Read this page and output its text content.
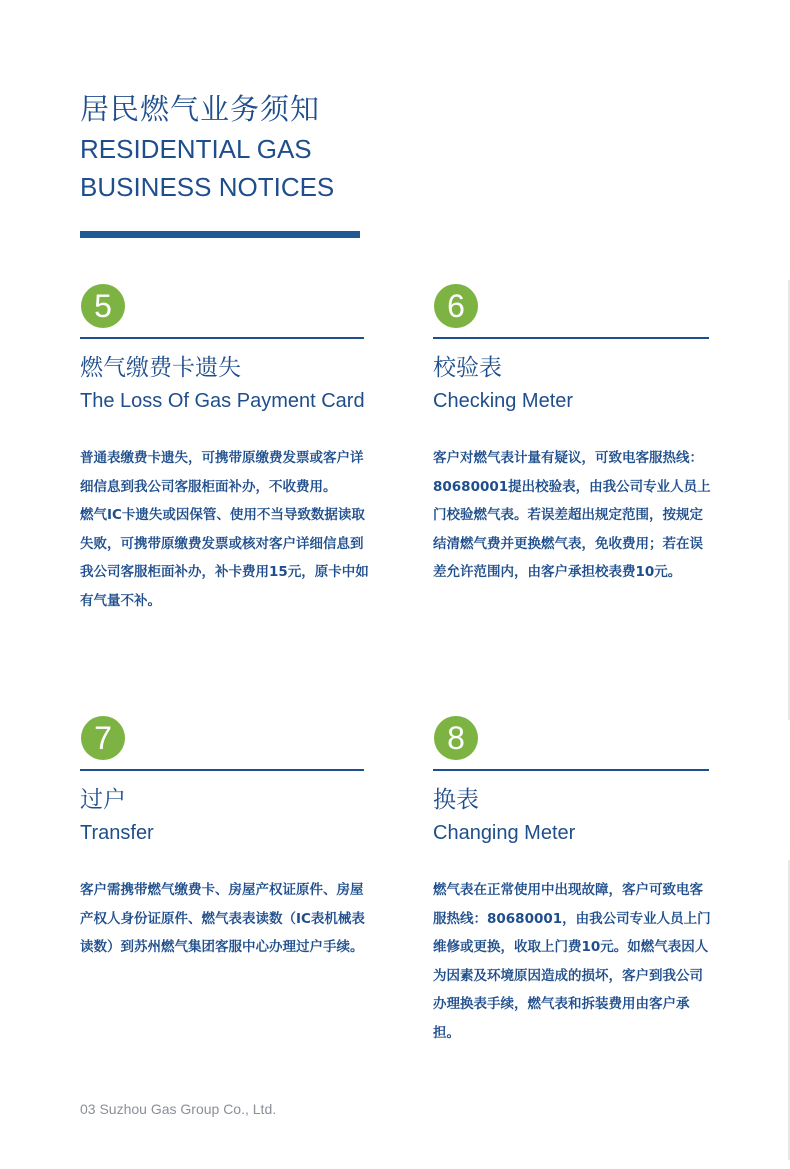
居民燃气业务须知
RESIDENTIAL GAS
BUSINESS NOTICES
5
燃气缴费卡遗失
The Loss Of Gas Payment Card

普通表缴费卡遗失，可携带原缴费发票或客户详细信息到我公司客服柜面补办，不收费用。

燃气IC卡遗失或因保管、使用不当导致数据读取失败，可携带原缴费发票或核对客户详细信息到我公司客服柜面补办，补卡费用15元，原卡中如有气量不补。

6
校验表
Checking Meter

客户对燃气表计量有疑议，可致电客服热线：80680001提出校验表，由我公司专业人员上门校验燃气表。若误差超出规定范围，按规定结清燃气费并更换燃气表，免收费用；若在误差允许范围内，由客户承担校表费10元。

7
过户
Transfer

客户需携带燃气缴费卡、房屋产权证原件、房屋产权人身份证原件、燃气表表读数（IC表机械表读数）到苏州燃气集团客服中心办理过户手续。

8
换表
Changing Meter

燃气表在正常使用中出现故障，客户可致电客服热线：80680001，由我公司专业人员上门维修或更换，收取上门费10元。如燃气表因人为因素及环境原因造成的损坏，客户到我公司办理换表手续，燃气表和拆装费用由客户承担。

03 Suzhou Gas Group Co., Ltd.
